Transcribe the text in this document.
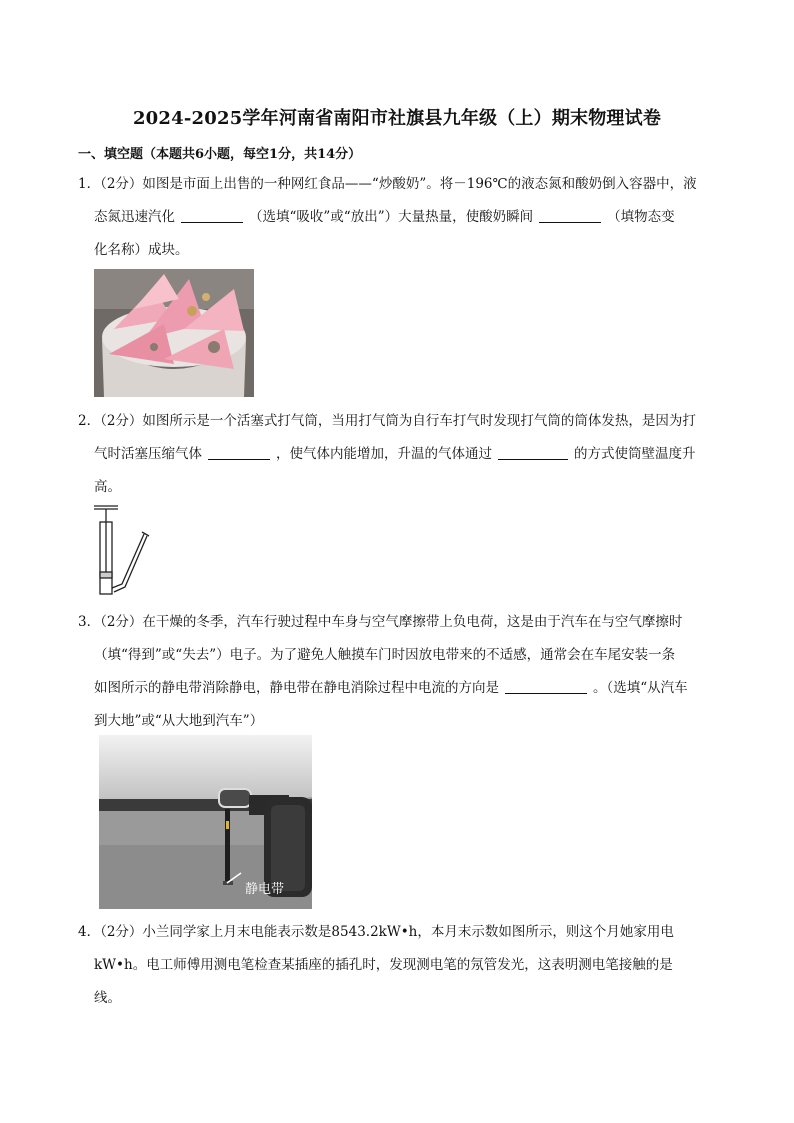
2024-2025学年河南省南阳市社旗县九年级（上）期末物理试卷
一、填空题（本题共6小题，每空1分，共14分）
1．（2分）如图是市面上出售的一种网红食品——“炒酸奶”。将－196℃的液态氮和酸奶倒入容器中，液
态氮迅速汽化	（选填“吸收”或“放出”）大量热量，使酸奶瞬间	（填物态变
化名称）成块。
2．（2分）如图所示是一个活塞式打气筒，当用打气筒为自行车打气时发现打气筒的筒体发热，是因为打
气时活塞压缩气体	，使气体内能增加，升温的气体通过	的方式使筒壁温度升
高。
3．（2分）在干燥的冬季，汽车行驶过程中车身与空气摩擦带上负电荷，这是由于汽车在与空气摩擦时
（填“得到”或“失去”）电子。为了避免人触摸车门时因放电带来的不适感，通常会在车尾安装一条
如图所示的静电带消除静电，静电带在静电消除过程中电流的方向是	。（选填“从汽车
到大地”或“从大地到汽车”）
静电带
4．（2分）小兰同学家上月末电能表示数是8543.2kW•h，本月末示数如图所示，则这个月她家用电
kW•h。电工师傅用测电笔检查某插座的插孔时，发现测电笔的氖管发光，这表明测电笔接触的是
线。
